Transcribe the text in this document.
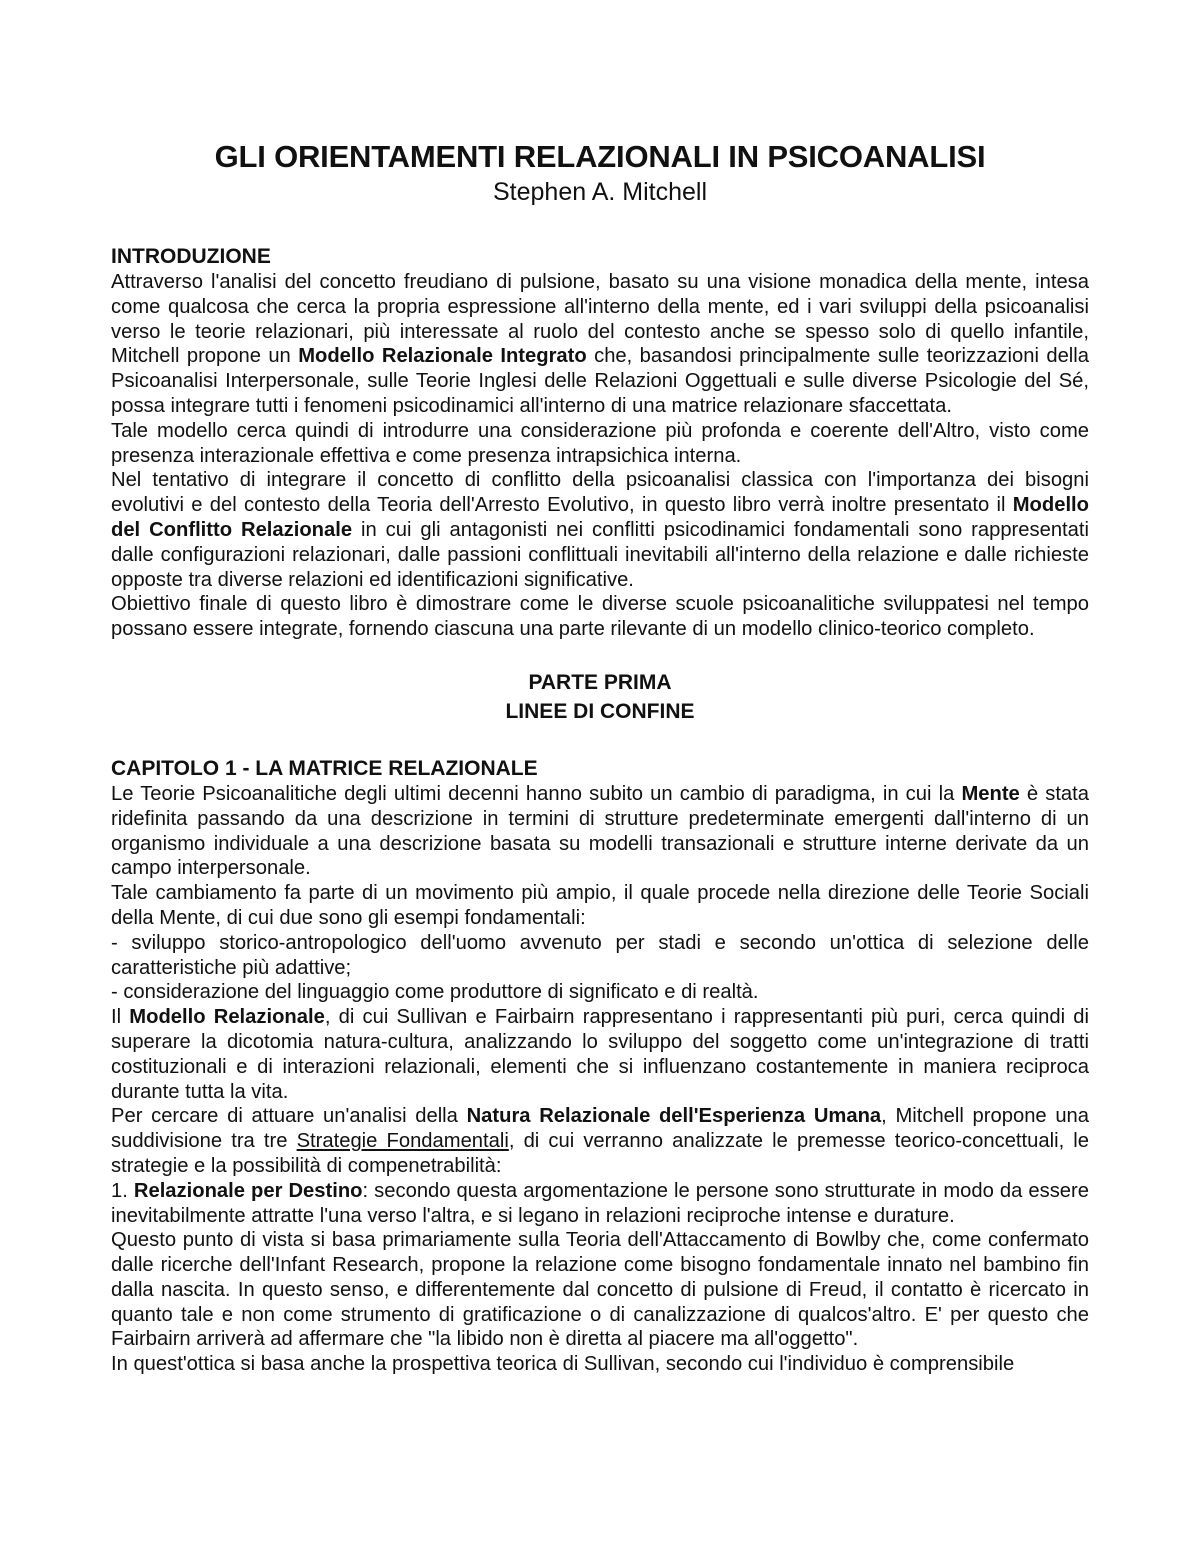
GLI ORIENTAMENTI RELAZIONALI IN PSICOANALISI
Stephen A. Mitchell
INTRODUZIONE

Attraverso l'analisi del concetto freudiano di pulsione, basato su una visione monadica della mente, intesa come qualcosa che cerca la propria espressione all'interno della mente, ed i vari sviluppi della psicoanalisi verso le teorie relazionari, più interessate al ruolo del contesto anche se spesso solo di quello infantile, Mitchell propone un Modello Relazionale Integrato che, basandosi principalmente sulle teorizzazioni della Psicoanalisi Interpersonale, sulle Teorie Inglesi delle Relazioni Oggettuali e sulle diverse Psicologie del Sé, possa integrare tutti i fenomeni psicodinamici all'interno di una matrice relazionare sfaccettata.

Tale modello cerca quindi di introdurre una considerazione più profonda e coerente dell'Altro, visto come presenza interazionale effettiva e come presenza intrapsichica interna.

Nel tentativo di integrare il concetto di conflitto della psicoanalisi classica con l'importanza dei bisogni evolutivi e del contesto della Teoria dell'Arresto Evolutivo, in questo libro verrà inoltre presentato il Modello del Conflitto Relazionale in cui gli antagonisti nei conflitti psicodinamici fondamentali sono rappresentati dalle configurazioni relazionari, dalle passioni conflittuali inevitabili all'interno della relazione e dalle richieste opposte tra diverse relazioni ed identificazioni significative.

Obiettivo finale di questo libro è dimostrare come le diverse scuole psicoanalitiche sviluppatesi nel tempo possano essere integrate, fornendo ciascuna una parte rilevante di un modello clinico-teorico completo.

PARTE PRIMA
LINEE DI CONFINE
CAPITOLO 1 - LA MATRICE RELAZIONALE

Le Teorie Psicoanalitiche degli ultimi decenni hanno subito un cambio di paradigma, in cui la Mente è stata ridefinita passando da una descrizione in termini di strutture predeterminate emergenti dall'interno di un organismo individuale a una descrizione basata su modelli transazionali e strutture interne derivate da un campo interpersonale.

Tale cambiamento fa parte di un movimento più ampio, il quale procede nella direzione delle Teorie Sociali della Mente, di cui due sono gli esempi fondamentali:

- sviluppo storico-antropologico dell'uomo avvenuto per stadi e secondo un'ottica di selezione delle caratteristiche più adattive;

- considerazione del linguaggio come produttore di significato e di realtà.

Il Modello Relazionale, di cui Sullivan e Fairbairn rappresentano i rappresentanti più puri, cerca quindi di superare la dicotomia natura-cultura, analizzando lo sviluppo del soggetto come un'integrazione di tratti costituzionali e di interazioni relazionali, elementi che si influenzano costantemente in maniera reciproca durante tutta la vita.

Per cercare di attuare un'analisi della Natura Relazionale dell'Esperienza Umana, Mitchell propone una suddivisione tra tre Strategie Fondamentali, di cui verranno analizzate le premesse teorico-concettuali, le strategie e la possibilità di compenetrabilità:

1. Relazionale per Destino: secondo questa argomentazione le persone sono strutturate in modo da essere inevitabilmente attratte l'una verso l'altra, e si legano in relazioni reciproche intense e durature.

Questo punto di vista si basa primariamente sulla Teoria dell'Attaccamento di Bowlby che, come confermato dalle ricerche dell'Infant Research, propone la relazione come bisogno fondamentale innato nel bambino fin dalla nascita. In questo senso, e differentemente dal concetto di pulsione di Freud, il contatto è ricercato in quanto tale e non come strumento di gratificazione o di canalizzazione di qualcos'altro. E' per questo che Fairbairn arriverà ad affermare che "la libido non è diretta al piacere ma all'oggetto".

In quest'ottica si basa anche la prospettiva teorica di Sullivan, secondo cui l'individuo è comprensibile
